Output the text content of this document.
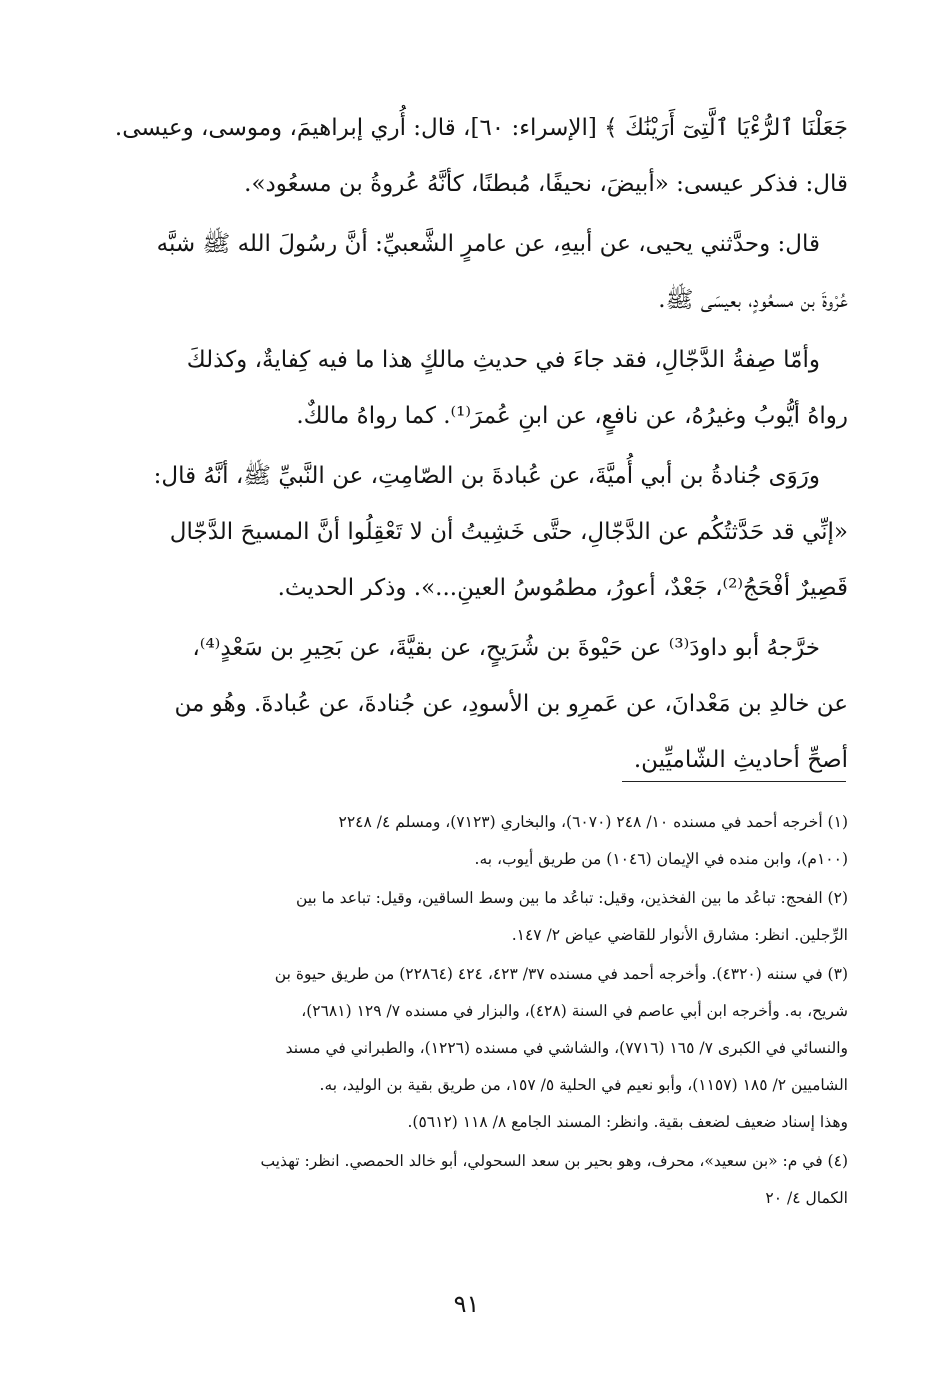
جَعَلْنَا ٱلرُّءْيَا ٱلَّتِىٓ أَرَيْنَٰكَ ﴾ [الإسراء: ٦٠]، قال: أُري إبراهيمَ، وموسى، وعيسى.
قال: فذكر عيسى: «أبيضَ، نحيفًا، مُبطنًا، كأنَّهُ عُروةُ بن مسعُود».
قال: وحدَّثني يحيى، عن أبيهِ، عن عامرٍ الشَّعبيِّ: أنَّ رسُولَ الله ﷺ شبَّه
عُرْوةَ بن مسعُودٍ، بعيسَى ﷺ.
وأمّا صِفةُ الدَّجّالِ، فقد جاءَ في حديثِ مالكٍ هذا ما فيه كِفايةٌ، وكذلكَ
رواهُ أيُّوبُ وغيرُهُ، عن نافعٍ، عن ابنِ عُمرَ⁽¹⁾. كما رواهُ مالكٌ.
ورَوَى جُنادةُ بن أبي أُميَّةَ، عن عُبادةَ بن الصّامِتِ، عن النَّبيِّ ﷺ، أنَّهُ قال:
«إنِّي قد حَدَّثتُكُم عن الدَّجّالِ، حتَّى خَشِيتُ أن لا تَعْقِلُوا أنَّ المسيحَ الدَّجّال
قَصِيرٌ أفْحَجُ⁽²⁾، جَعْدٌ، أعورُ، مطمُوسُ العينِ...». وذكر الحديث.
خرَّجهُ أبو داودَ⁽³⁾ عن حَيْوةَ بن شُرَيحٍ، عن بقيَّةَ، عن بَحِيرِ بن سَعْدٍ⁽⁴⁾،
عن خالدِ بن مَعْدانَ، عن عَمرِو بن الأسودِ، عن جُنادةَ، عن عُبادةَ. وهُو من
أصحِّ أحاديثِ الشّاميِّين.
(١) أخرجه أحمد في مسنده ١٠/ ٢٤٨ (٦٠٧٠)، والبخاري (٧١٢٣)، ومسلم ٤/ ٢٢٤٨
(١٠٠م)، وابن منده في الإيمان (١٠٤٦) من طريق أيوب، به.
(٢) الفحج: تباعُد ما بين الفخذين، وقيل: تباعُد ما بين وسط الساقين، وقيل: تباعد ما بين
الرِّجلين. انظر: مشارق الأنوار للقاضي عياض ٢/ ١٤٧.
(٣) في سننه (٤٣٢٠). وأخرجه أحمد في مسنده ٣٧/ ٤٢٣، ٤٢٤ (٢٢٨٦٤) من طريق حيوة بن
شريح، به. وأخرجه ابن أبي عاصم في السنة (٤٢٨)، والبزار في مسنده ٧/ ١٢٩ (٢٦٨١)،
والنسائي في الكبرى ٧/ ١٦٥ (٧٧١٦)، والشاشي في مسنده (١٢٢٦)، والطبراني في مسند
الشاميين ٢/ ١٨٥ (١١٥٧)، وأبو نعيم في الحلية ٥/ ١٥٧، من طريق بقية بن الوليد، به.
وهذا إسناد ضعيف لضعف بقية. وانظر: المسند الجامع ٨/ ١١٨ (٥٦١٢).
(٤) في م: «بن سعيد»، محرف، وهو بحير بن سعد السحولي، أبو خالد الحمصي. انظر: تهذيب
الكمال ٤/ ٢٠
٩١
